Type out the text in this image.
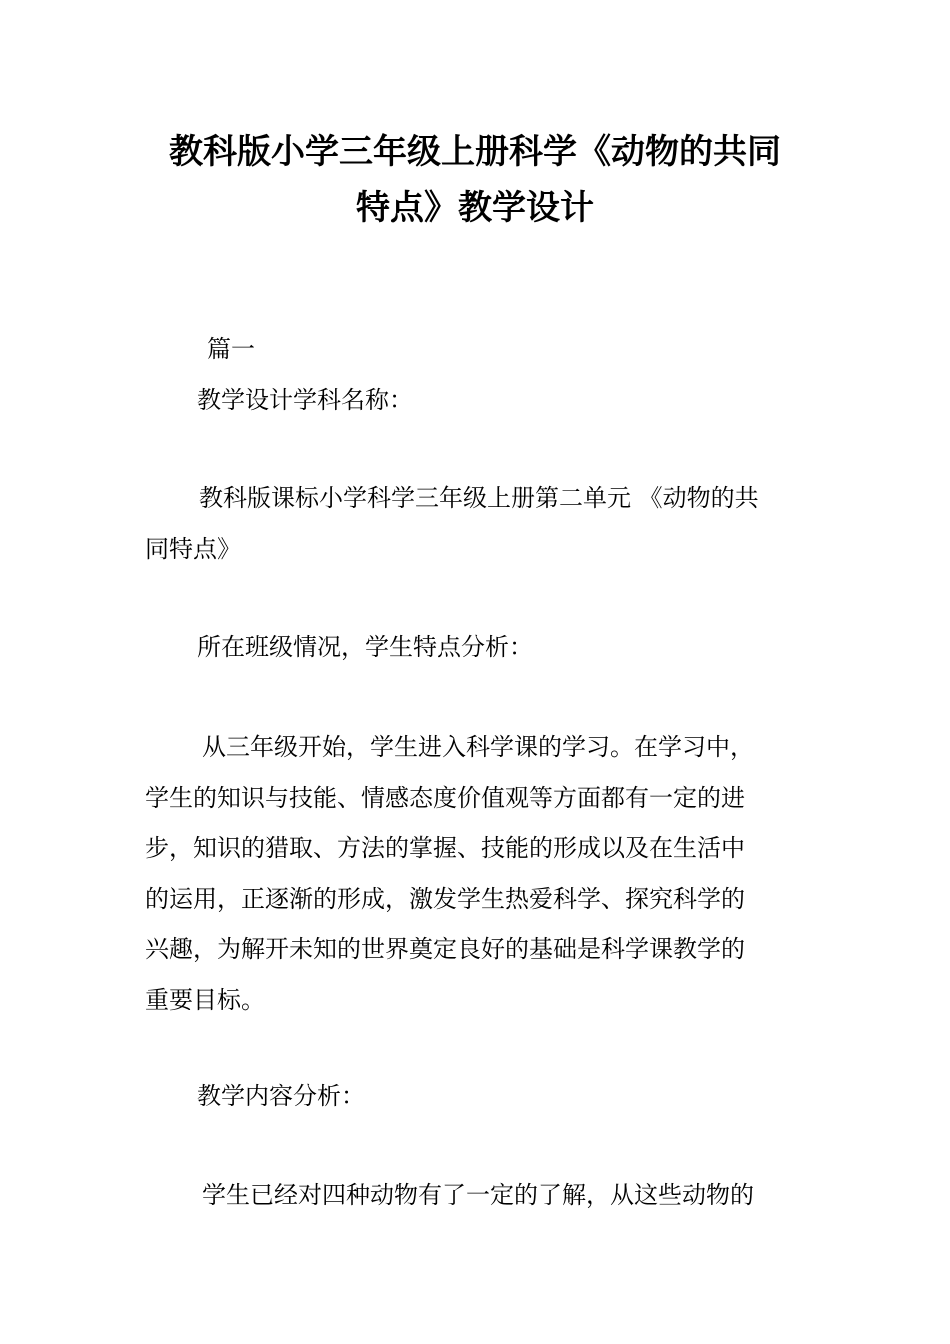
教科版小学三年级上册科学《动物的共同
特点》教学设计

篇一

教学设计学科名称：

教科版课标小学科学三年级上册第二单元 《动物的共
同特点》

所在班级情况，学生特点分析：

从三年级开始，学生进入科学课的学习。在学习中，
学生的知识与技能、情感态度价值观等方面都有一定的进
步，知识的猎取、方法的掌握、技能的形成以及在生活中
的运用，正逐渐的形成，激发学生热爱科学、探究科学的
兴趣，为解开未知的世界奠定良好的基础是科学课教学的
重要目标。

教学内容分析：

学生已经对四种动物有了一定的了解，从这些动物的
